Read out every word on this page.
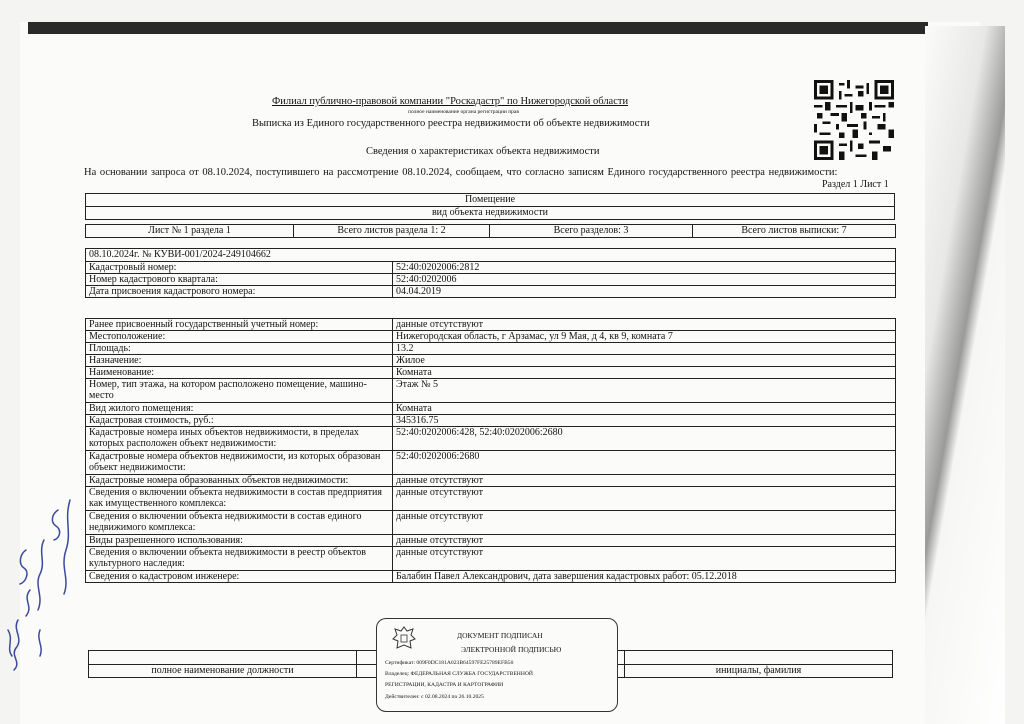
Филиал публично-правовой компании "Роскадастр" по Нижегородской области
полное наименование органа регистрации прав
Выписка из Единого государственного реестра недвижимости об объекте недвижимости
Сведения о характеристиках объекта недвижимости
На основании запроса от 08.10.2024, поступившего на рассмотрение 08.10.2024, сообщаем, что согласно записям Единого государственного реестра недвижимости:
Раздел 1 Лист 1
Помещение
вид объекта недвижимости
Лист № 1 раздела 1	Всего листов раздела 1: 2	Всего разделов: 3	Всего листов выписки: 7
08.10.2024г. № КУВИ-001/2024-249104662	
Кадастровый номер:	52:40:0202006:2812
Номер кадастрового квартала:	52:40:0202006
Дата присвоения кадастрового номера:	04.04.2019
Ранее присвоенный государственный учетный номер:	данные отсутствуют
Местоположение:	Нижегородская область, г Арзамас, ул 9 Мая, д 4, кв 9, комната 7
Площадь:	13.2
Назначение:	Жилое
Наименование:	Комната
Номер, тип этажа, на котором расположено помещение, машино-место	Этаж № 5
Вид жилого помещения:	Комната
Кадастровая стоимость, руб.:	345316.75
Кадастровые номера иных объектов недвижимости, в пределах которых расположен объект недвижимости:	52:40:0202006:428, 52:40:0202006:2680
Кадастровые номера объектов недвижимости, из которых образован объект недвижимости:	52:40:0202006:2680
Кадастровые номера образованных объектов недвижимости:	данные отсутствуют
Сведения о включении объекта недвижимости в состав предприятия как имущественного комплекса:	данные отсутствуют
Сведения о включении объекта недвижимости в состав единого недвижимого комплекса:	данные отсутствуют
Виды разрешенного использования:	данные отсутствуют
Сведения о включении объекта недвижимости в реестр объектов культурного наследия:	данные отсутствуют
Сведения о кадастровом инженере:	Балабин Павел Александрович, дата завершения кадастровых работ: 05.12.2018

полное наименование должности		инициалы, фамилия
ДОКУМЕНТ ПОДПИСАН
ЭЛЕКТРОННОЙ ПОДПИСЬЮ
Сертификат: 009F0DC181A023B64597FE25789EFB50
Владелец: ФЕДЕРАЛЬНАЯ СЛУЖБА ГОСУДАРСТВЕННОЙ
РЕГИСТРАЦИИ, КАДАСТРА И КАРТОГРАФИИ
Действителен: с 02.08.2024 по 26.10.2025
